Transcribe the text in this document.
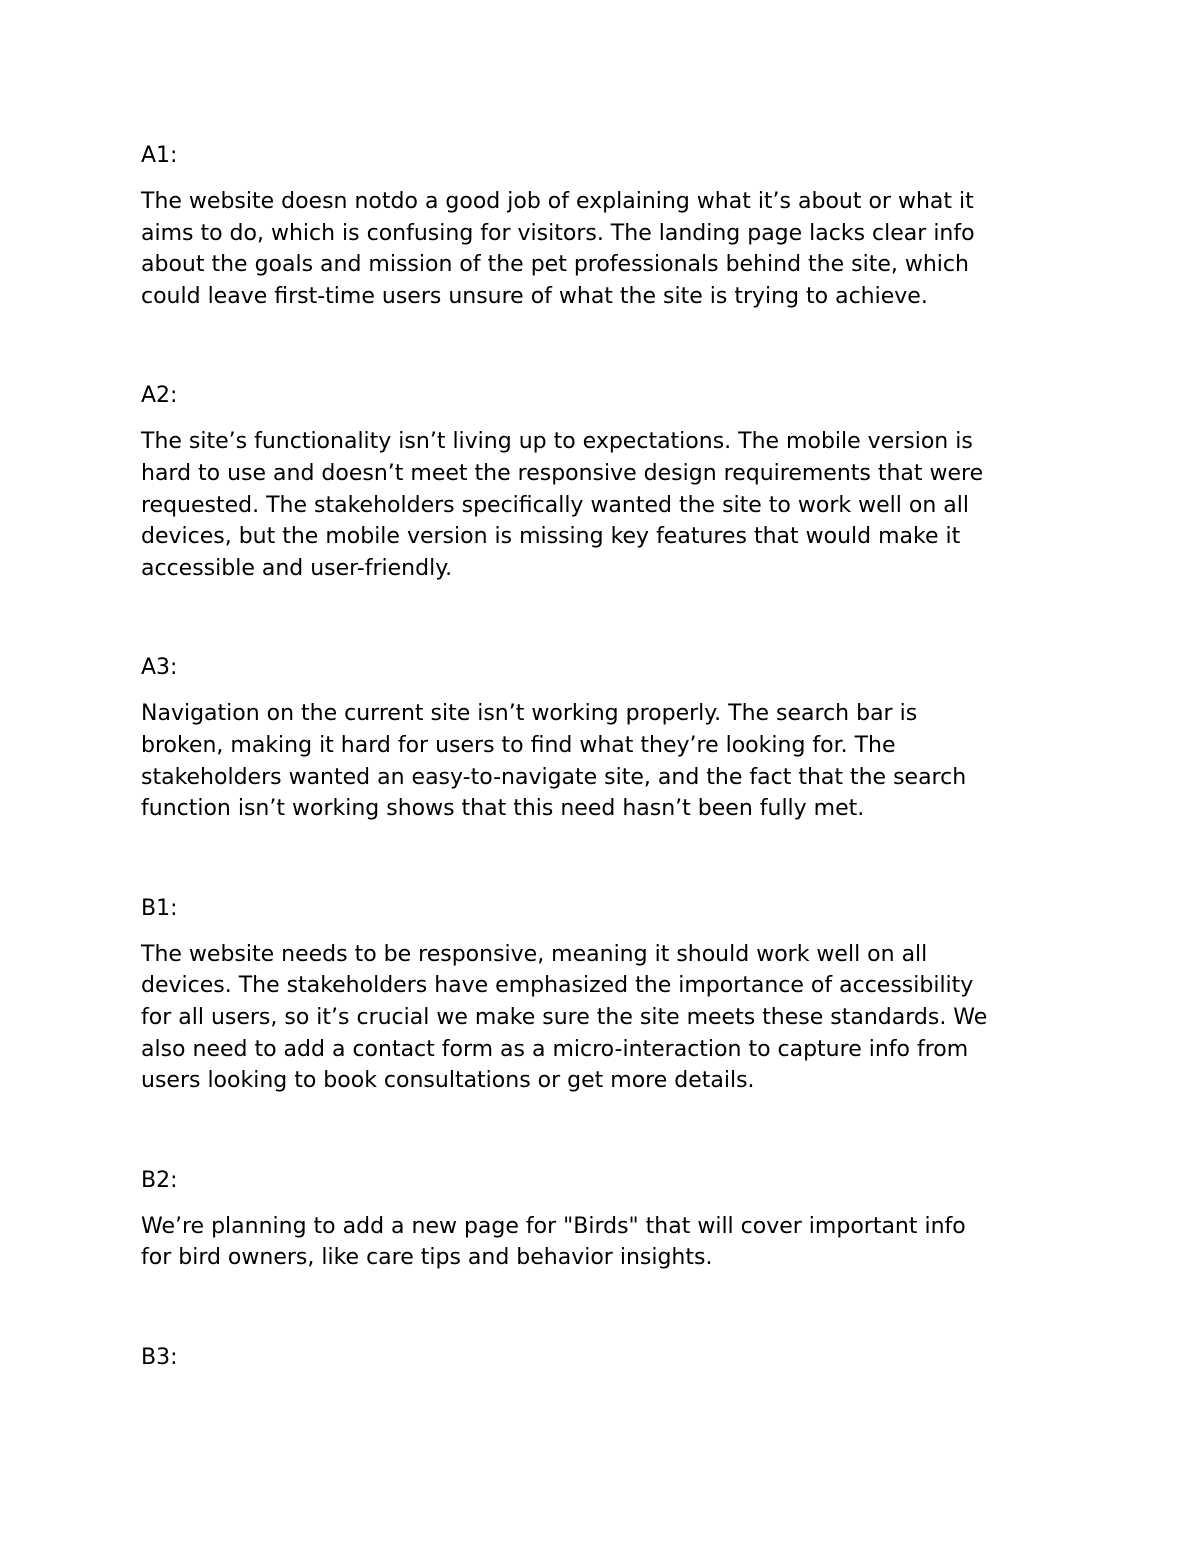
A1:

The website doesn notdo a good job of explaining what it’s about or what it
aims to do, which is confusing for visitors. The landing page lacks clear info
about the goals and mission of the pet professionals behind the site, which
could leave first-time users unsure of what the site is trying to achieve.

A2:

The site’s functionality isn’t living up to expectations. The mobile version is
hard to use and doesn’t meet the responsive design requirements that were
requested. The stakeholders specifically wanted the site to work well on all
devices, but the mobile version is missing key features that would make it
accessible and user-friendly.

A3:

Navigation on the current site isn’t working properly. The search bar is
broken, making it hard for users to find what they’re looking for. The
stakeholders wanted an easy-to-navigate site, and the fact that the search
function isn’t working shows that this need hasn’t been fully met.

B1:

The website needs to be responsive, meaning it should work well on all
devices. The stakeholders have emphasized the importance of accessibility
for all users, so it’s crucial we make sure the site meets these standards. We
also need to add a contact form as a micro-interaction to capture info from
users looking to book consultations or get more details.

B2:

We’re planning to add a new page for "Birds" that will cover important info
for bird owners, like care tips and behavior insights.

B3:
